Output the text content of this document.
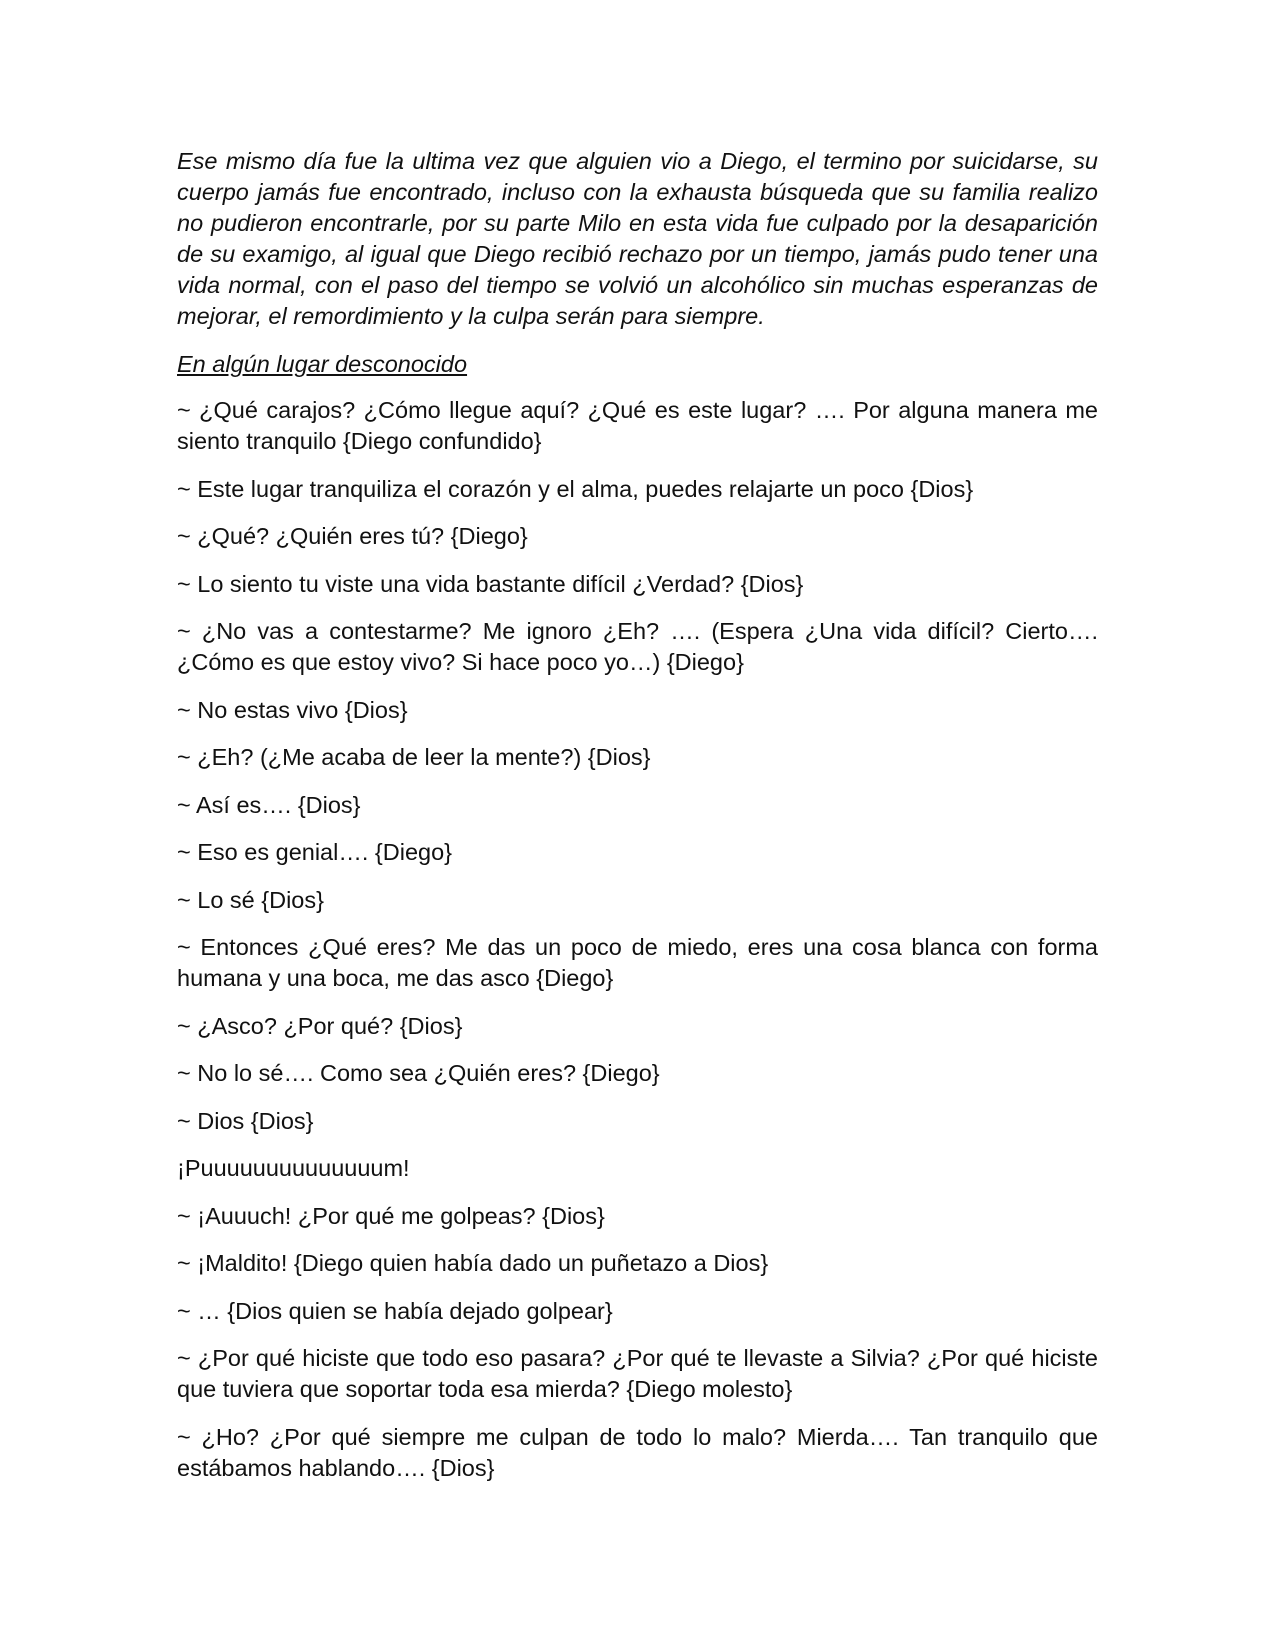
Ese mismo día fue la ultima vez que alguien vio a Diego, el termino por suicidarse, su cuerpo jamás fue encontrado, incluso con la exhausta búsqueda que su familia realizo no pudieron encontrarle, por su parte Milo en esta vida fue culpado por la desaparición de su examigo, al igual que Diego recibió rechazo por un tiempo, jamás pudo tener una vida normal, con el paso del tiempo se volvió un alcohólico sin muchas esperanzas de mejorar, el remordimiento y la culpa serán para siempre.

En algún lugar desconocido

~ ¿Qué carajos? ¿Cómo llegue aquí? ¿Qué es este lugar? …. Por alguna manera me siento tranquilo {Diego confundido}
~ Este lugar tranquiliza el corazón y el alma, puedes relajarte un poco {Dios}
~ ¿Qué? ¿Quién eres tú? {Diego}
~ Lo siento tu viste una vida bastante difícil ¿Verdad? {Dios}
~ ¿No vas a contestarme? Me ignoro ¿Eh? …. (Espera ¿Una vida difícil? Cierto…. ¿Cómo es que estoy vivo? Si hace poco yo…) {Diego}
~ No estas vivo {Dios}
~ ¿Eh? (¿Me acaba de leer la mente?) {Dios}
~ Así es…. {Dios}
~ Eso es genial…. {Diego}
~ Lo sé {Dios}
~ Entonces ¿Qué eres? Me das un poco de miedo, eres una cosa blanca con forma humana y una boca, me das asco {Diego}
~ ¿Asco? ¿Por qué? {Dios}
~ No lo sé…. Como sea ¿Quién eres? {Diego}
~ Dios {Dios}
¡Puuuuuuuuuuuuuum!
~ ¡Auuuch! ¿Por qué me golpeas? {Dios}
~ ¡Maldito! {Diego quien había dado un puñetazo a Dios}
~ … {Dios quien se había dejado golpear}
~ ¿Por qué hiciste que todo eso pasara? ¿Por qué te llevaste a Silvia? ¿Por qué hiciste que tuviera que soportar toda esa mierda? {Diego molesto}
~ ¿Ho? ¿Por qué siempre me culpan de todo lo malo? Mierda…. Tan tranquilo que estábamos hablando…. {Dios}
